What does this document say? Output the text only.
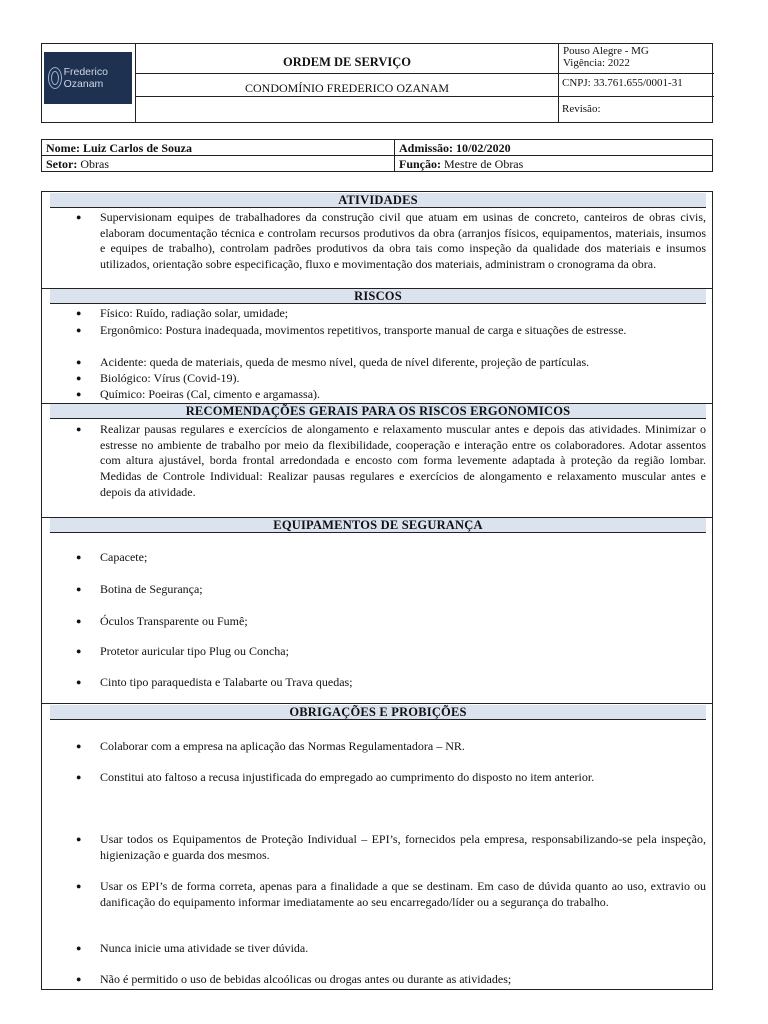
Frederico Ozanam
ORDEM DE SERVIÇO
CONDOMÍNIO FREDERICO OZANAM
Pouso Alegre - MG
Vigência: 2022
CNPJ: 33.761.655/0001-31
Revisão:
Nome: Luiz Carlos de Souza	Admissão: 10/02/2020
Setor: Obras	Função: Mestre de Obras
ATIVIDADES
● Supervisionam equipes de trabalhadores da construção civil que atuam em usinas de concreto, canteiros de obras civis, elaboram documentação técnica e controlam recursos produtivos da obra (arranjos físicos, equipamentos, materiais, insumos e equipes de trabalho), controlam padrões produtivos da obra tais como inspeção da qualidade dos materiais e insumos utilizados, orientação sobre especificação, fluxo e movimentação dos materiais, administram o cronograma da obra.
RISCOS
● Físico: Ruído, radiação solar, umidade;
● Ergonômico: Postura inadequada, movimentos repetitivos, transporte manual de carga e situações de estresse.
● Acidente: queda de materiais, queda de mesmo nível, queda de nível diferente, projeção de partículas.
● Biológico: Vírus (Covid-19).
● Químico: Poeiras (Cal, cimento e argamassa).
RECOMENDAÇÕES GERAIS PARA OS RISCOS ERGONOMICOS
● Realizar pausas regulares e exercícios de alongamento e relaxamento muscular antes e depois das atividades. Minimizar o estresse no ambiente de trabalho por meio da flexibilidade, cooperação e interação entre os colaboradores. Adotar assentos com altura ajustável, borda frontal arredondada e encosto com forma levemente adaptada à proteção da região lombar. Medidas de Controle Individual: Realizar pausas regulares e exercícios de alongamento e relaxamento muscular antes e depois da atividade.
EQUIPAMENTOS DE SEGURANÇA
● Capacete;
● Botina de Segurança;
● Óculos Transparente ou Fumê;
● Protetor auricular tipo Plug ou Concha;
● Cinto tipo paraquedista e Talabarte ou Trava quedas;
OBRIGAÇÕES E PROBIÇÕES
● Colaborar com a empresa na aplicação das Normas Regulamentadora – NR.
● Constitui ato faltoso a recusa injustificada do empregado ao cumprimento do disposto no item anterior.
● Usar todos os Equipamentos de Proteção Individual – EPI’s, fornecidos pela empresa, responsabilizando-se pela inspeção, higienização e guarda dos mesmos.
● Usar os EPI’s de forma correta, apenas para a finalidade a que se destinam. Em caso de dúvida quanto ao uso, extravio ou danificação do equipamento informar imediatamente ao seu encarregado/líder ou a segurança do trabalho.
● Nunca inicie uma atividade se tiver dúvida.
● Não é permitido o uso de bebidas alcoólicas ou drogas antes ou durante as atividades;
